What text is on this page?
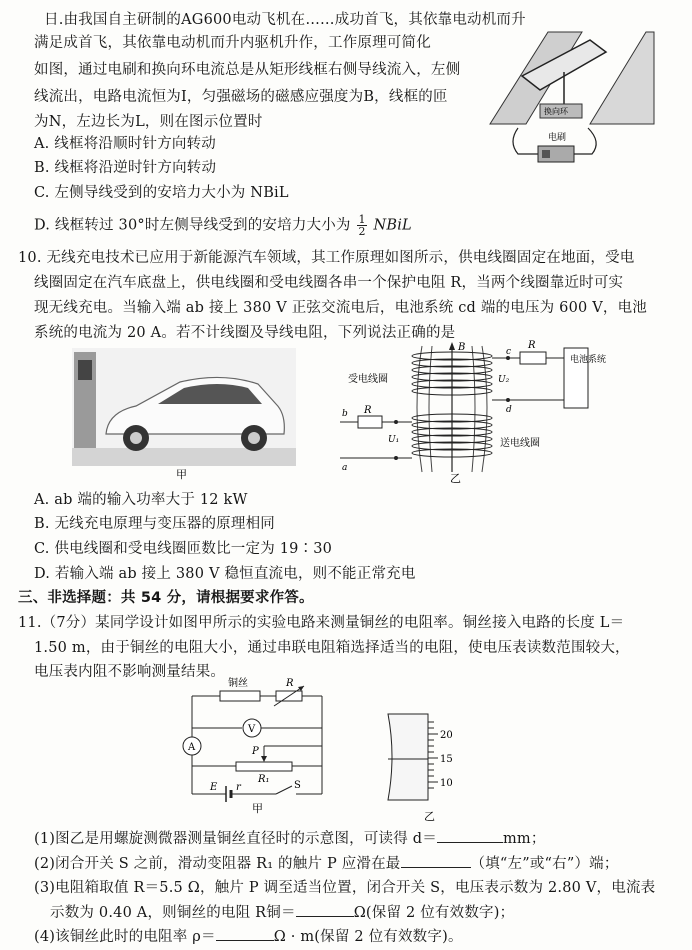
日.由我国自主研制的AG600电动飞机在……成功首飞，其依靠电动机而升
满足成首飞，其依靠电动机而升内驱机升作，工作原理可简化
如图，通过电刷和换向环电流总是从矩形线框右侧导线流入，左侧
线流出，电路电流恒为I，匀强磁场的磁感应强度为B，线框的匝
为N，左边长为L，则在图示位置时
A. 线框将沿顺时针方向转动
B. 线框将沿逆时针方向转动
C. 左侧导线受到的安培力大小为 NBiL
D. 线框转过 30°时左侧导线受到的安培力大小为 $\frac{1}{2}$ NBiL
换向环
电刷
10. 无线充电技术已应用于新能源汽车领域，其工作原理如图所示，供电线圈固定在地面，受电
线圈固定在汽车底盘上，供电线圈和受电线圈各串一个保护电阻 R，当两个线圈靠近时可实
现无线充电。当输入端 ab 接上 380 V 正弦交流电后，电池系统 cd 端的电压为 600 V，电池
系统的电流为 20 A。若不计线圈及导线电阻，下列说法正确的是
甲
B
受电线圈
送电线圈
R
c
d
U₂
电池系统
R
b
a
U₁
乙
A. ab 端的输入功率大于 12 kW
B. 无线充电原理与变压器的原理相同
C. 供电线圈和受电线圈匝数比一定为 19∶30
D. 若输入端 ab 接上 380 V 稳恒直流电，则不能正常充电
三、非选择题：共 54 分，请根据要求作答。
11.（7分）某同学设计如图甲所示的实验电路来测量铜丝的电阻率。铜丝接入电路的长度 L＝
1.50 m，由于铜丝的电阻大小，通过串联电阻箱选择适当的电阻，使电压表读数范围较大，
电压表内阻不影响测量结果。
铜丝	R
V
A	P
R₁
E r	S
甲
20
15
10
乙
(1)图乙是用螺旋测微器测量铜丝直径时的示意图，可读得 d＝	mm；
(2)闭合开关 S 之前，滑动变阻器 R₁ 的触片 P 应滑在最	（填“左”或“右”）端；
(3)电阻箱取值 R＝5.5 Ω，触片 P 调至适当位置，闭合开关 S，电压表示数为 2.80 V，电流表
示数为 0.40 A，则铜丝的电阻 R铜＝	Ω(保留 2 位有效数字)；
(4)该铜丝此时的电阻率 ρ＝	Ω · m(保留 2 位有效数字)。
